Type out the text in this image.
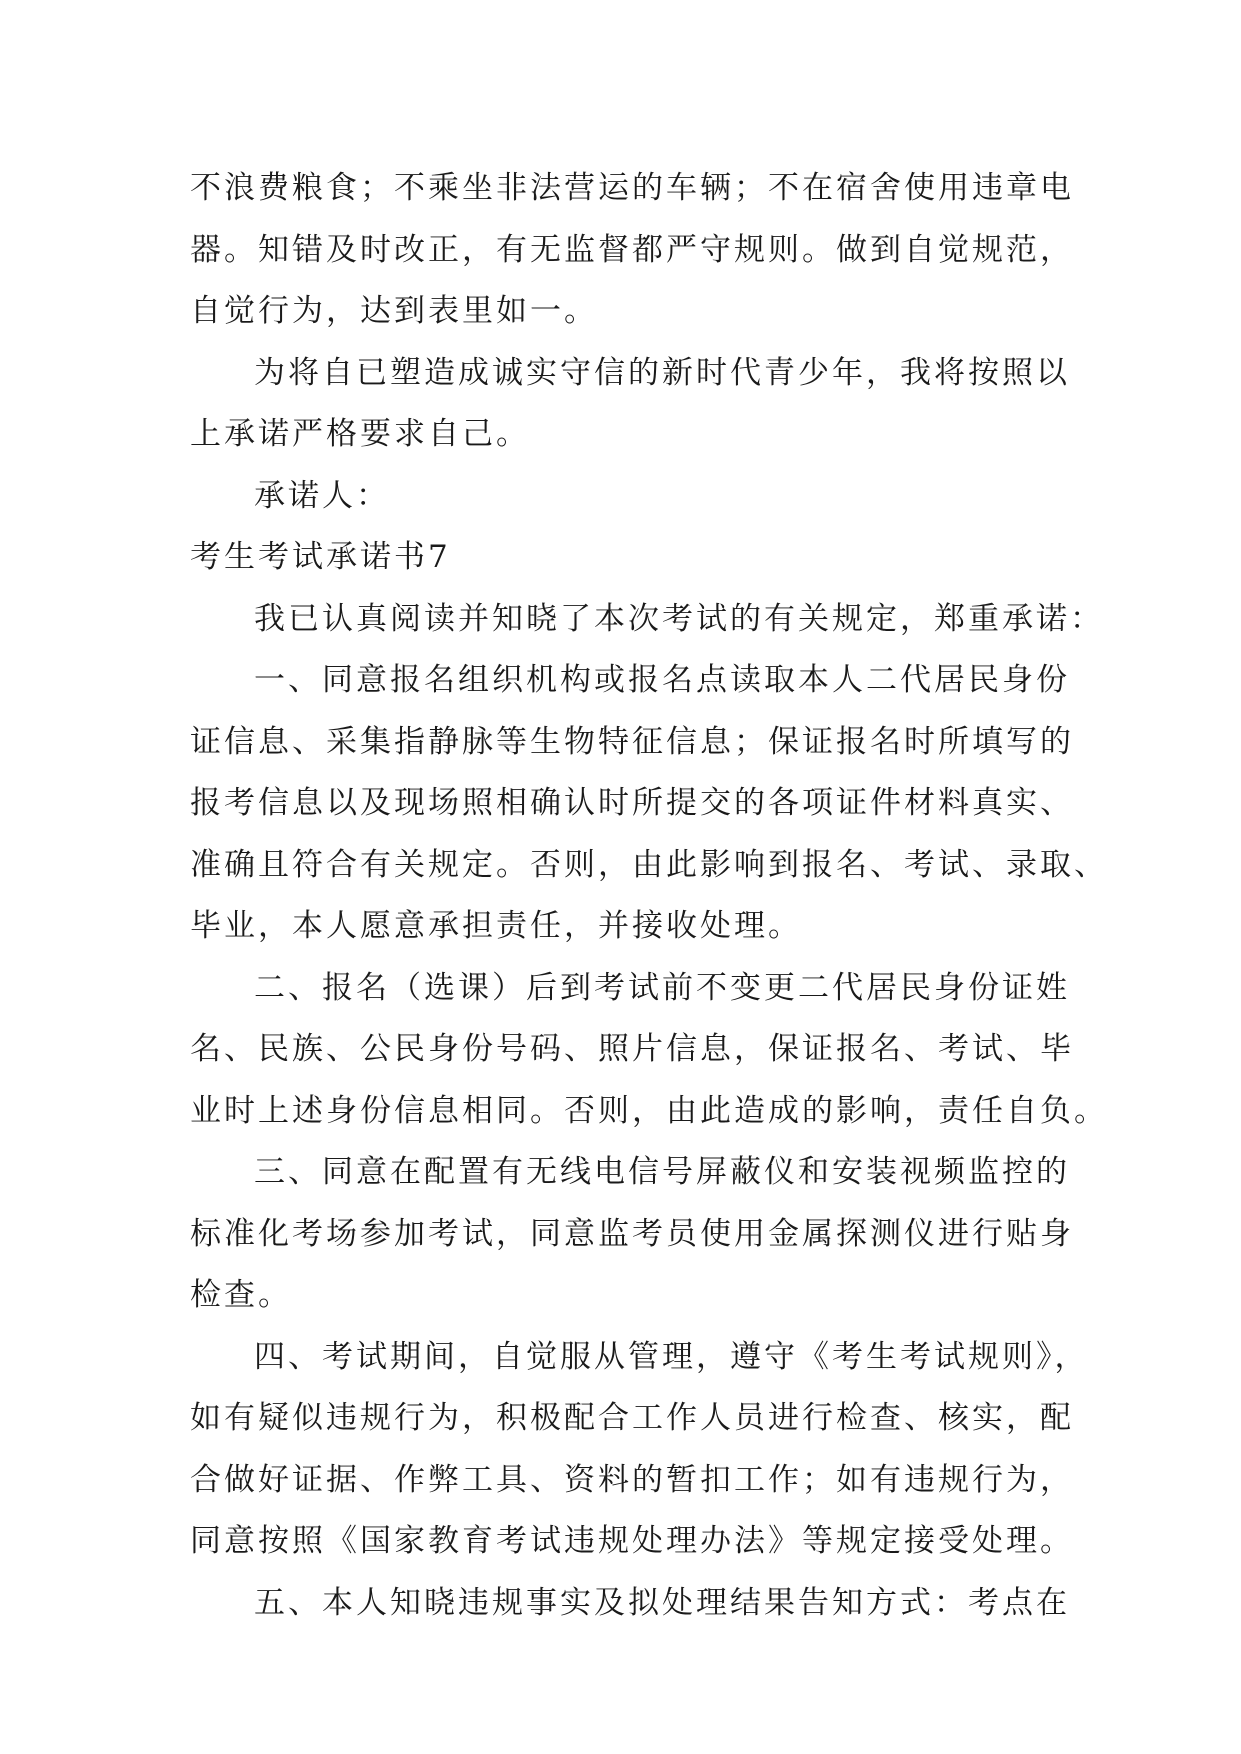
不浪费粮食；不乘坐非法营运的车辆；不在宿舍使用违章电
器。知错及时改正，有无监督都严守规则。做到自觉规范，
自觉行为，达到表里如一。
为将自已塑造成诚实守信的新时代青少年，我将按照以
上承诺严格要求自己。
承诺人：
考生考试承诺书7
我已认真阅读并知晓了本次考试的有关规定，郑重承诺：
一、同意报名组织机构或报名点读取本人二代居民身份
证信息、采集指静脉等生物特征信息；保证报名时所填写的
报考信息以及现场照相确认时所提交的各项证件材料真实、
准确且符合有关规定。否则，由此影响到报名、考试、录取、
毕业，本人愿意承担责任，并接收处理。
二、报名（选课）后到考试前不变更二代居民身份证姓
名、民族、公民身份号码、照片信息，保证报名、考试、毕
业时上述身份信息相同。否则，由此造成的影响，责任自负。
三、同意在配置有无线电信号屏蔽仪和安装视频监控的
标准化考场参加考试，同意监考员使用金属探测仪进行贴身
检查。
四、考试期间，自觉服从管理，遵守《考生考试规则》，
如有疑似违规行为，积极配合工作人员进行检查、核实，配
合做好证据、作弊工具、资料的暂扣工作；如有违规行为，
同意按照《国家教育考试违规处理办法》等规定接受处理。
五、本人知晓违规事实及拟处理结果告知方式：考点在
